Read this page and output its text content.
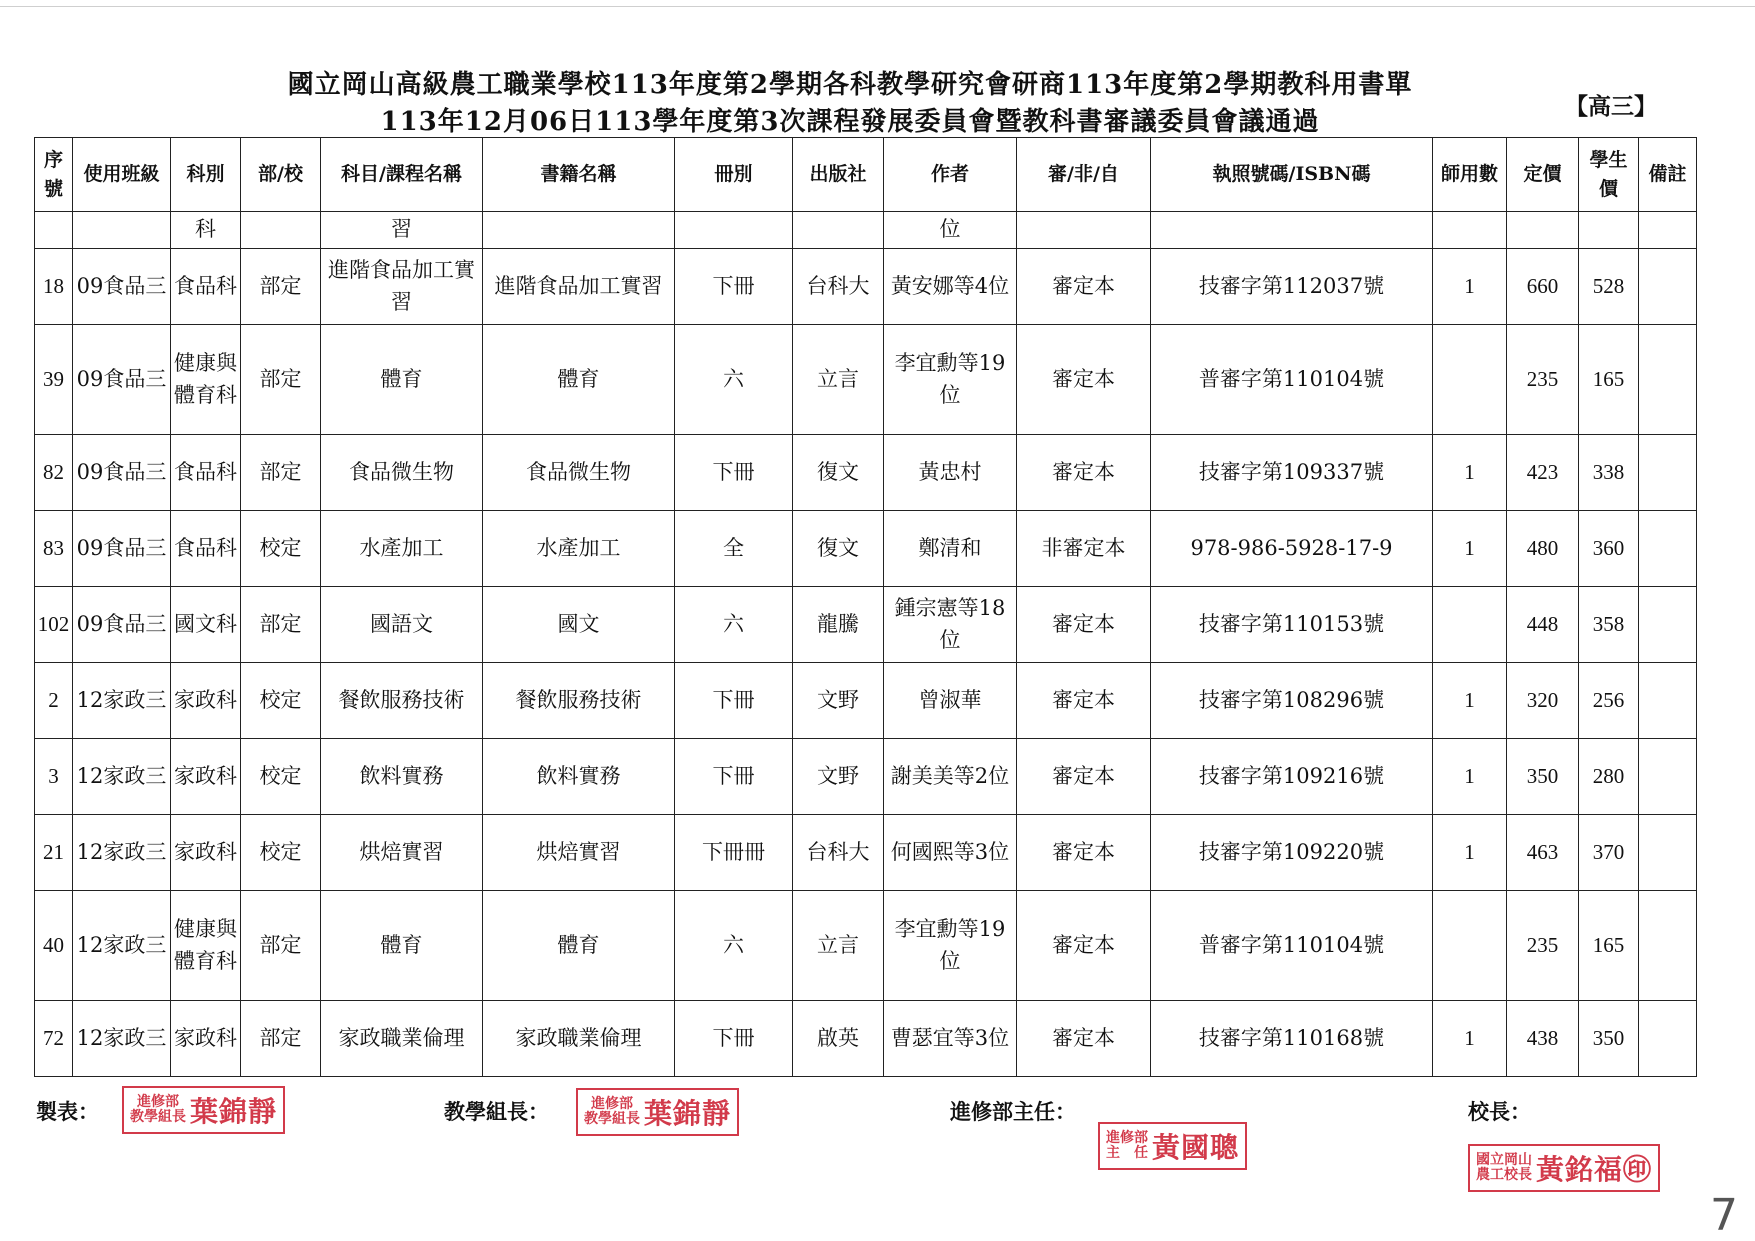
國立岡山高級農工職業學校113年度第2學期各科教學研究會研商113年度第2學期教科用書單
113年12月06日113學年度第3次課程發展委員會暨教科書審議委員會議通過
【高三】
序號	使用班級	科別	部/校	科目/課程名稱	書籍名稱	冊別	出版社	作者	審/非/自	執照號碼/ISBN碼	師用數	定價	學生價	備註
		科		習				位						
18	09食品三	食品科	部定	進階食品加工實習	進階食品加工實習	下冊	台科大	黃安娜等4位	審定本	技審字第112037號	1	660	528	
39	09食品三	健康與體育科	部定	體育	體育	六	立言	李宜勳等19位	審定本	普審字第110104號		235	165	
82	09食品三	食品科	部定	食品微生物	食品微生物	下冊	復文	黃忠村	審定本	技審字第109337號	1	423	338	
83	09食品三	食品科	校定	水產加工	水產加工	全	復文	鄭清和	非審定本	978-986-5928-17-9	1	480	360	
102	09食品三	國文科	部定	國語文	國文	六	龍騰	鍾宗憲等18位	審定本	技審字第110153號		448	358	
2	12家政三	家政科	校定	餐飲服務技術	餐飲服務技術	下冊	文野	曾淑華	審定本	技審字第108296號	1	320	256	
3	12家政三	家政科	校定	飲料實務	飲料實務	下冊	文野	謝美美等2位	審定本	技審字第109216號	1	350	280	
21	12家政三	家政科	校定	烘焙實習	烘焙實習	下冊冊	台科大	何國熙等3位	審定本	技審字第109220號	1	463	370	
40	12家政三	健康與體育科	部定	體育	體育	六	立言	李宜勳等19位	審定本	普審字第110104號		235	165	
72	12家政三	家政科	部定	家政職業倫理	家政職業倫理	下冊	啟英	曹瑟宜等3位	審定本	技審字第110168號	1	438	350	
製表：	進修部
教學組長 葉錦靜	教學組長：	進修部
教學組長 葉錦靜	進修部主任：
進修部
主　任 黃國聰
校長：
國立岡山
農工校長 黃銘福㊞
7
